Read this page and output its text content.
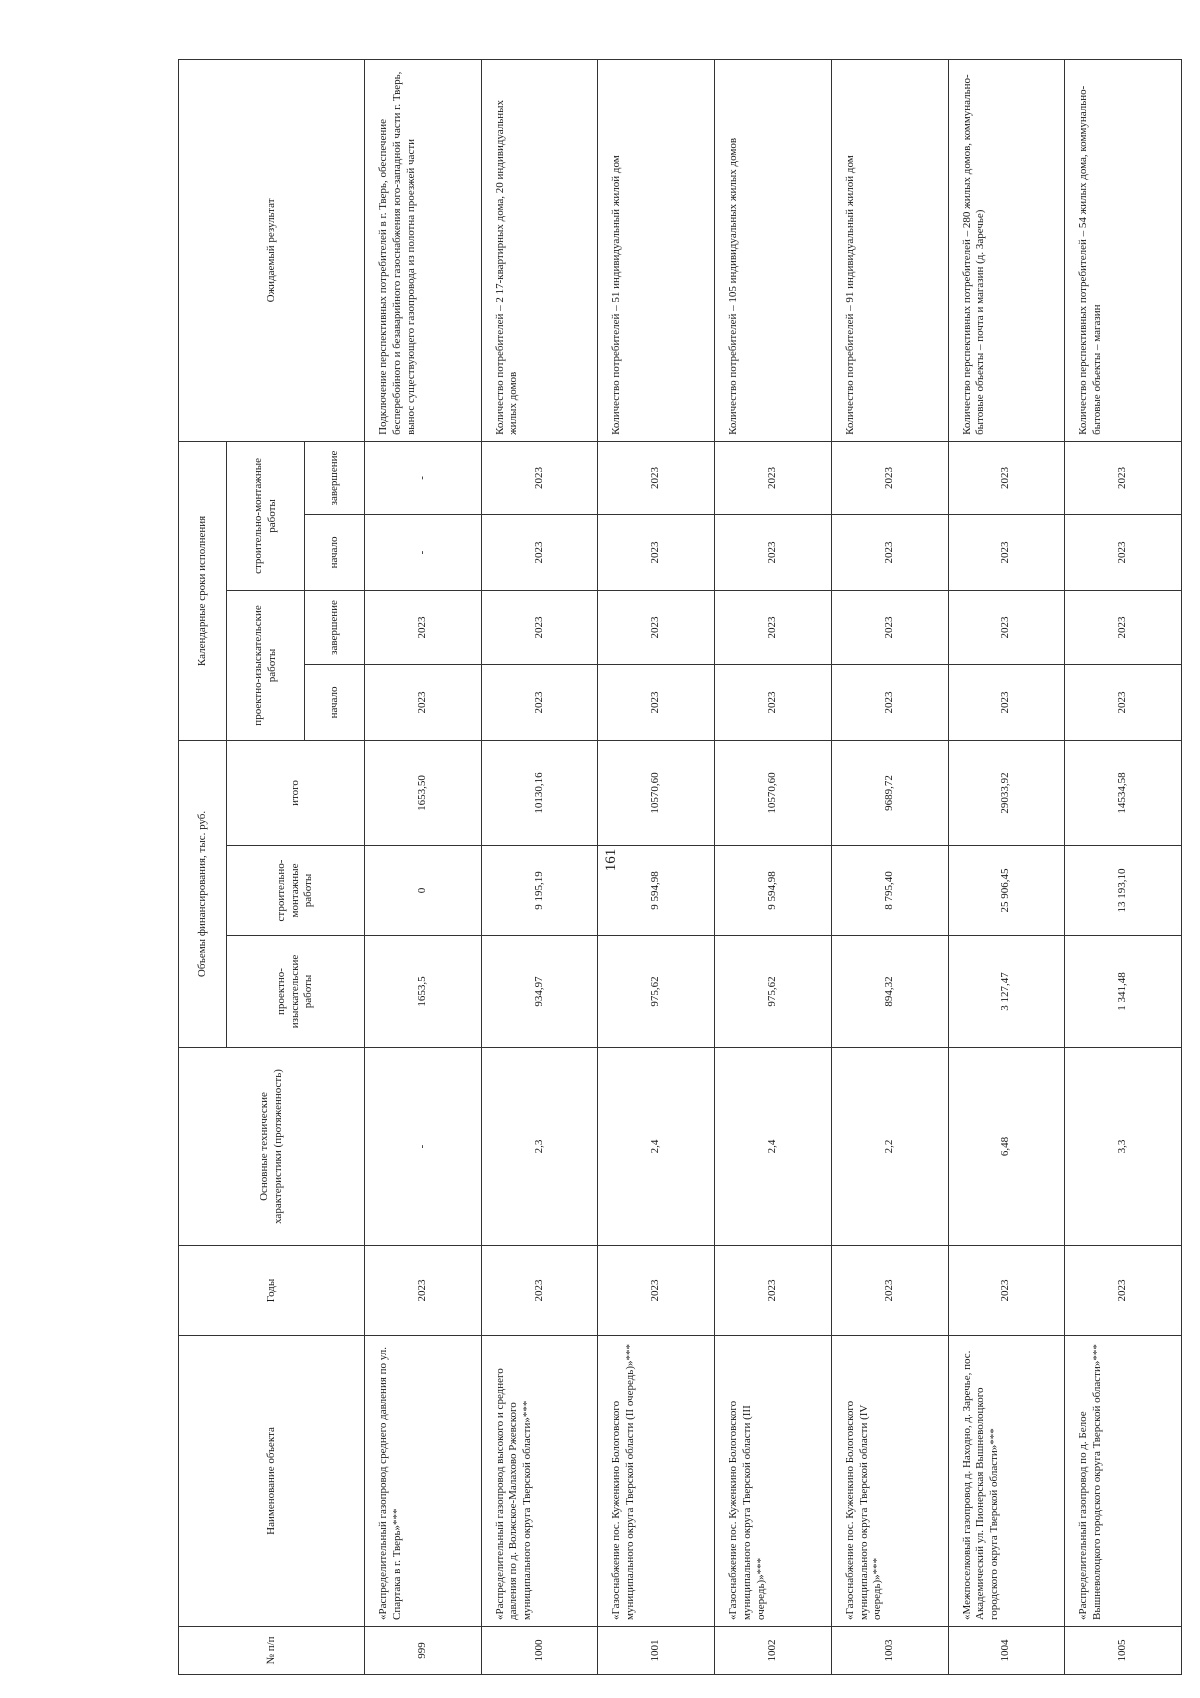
161
№ п/п	Наименование объекта	Годы	Основные технические характеристики (протяженность)	Объемы финансирования, тыс. руб.			Календарные сроки исполнения				Ожидаемый результат
				проектно-изыскательские работы	строительно-монтажные работы	итого	проектно-изыскательские работы		строительно-монтажные работы		
							начало	завершение	начало	завершение	
999	«Распределительный газопровод среднего давления по ул. Спартака в г. Тверь»***	2023	-	1653,5	0	1653,50	2023	2023	-	-	Подключение перспективных потребителей в г. Тверь, обеспечение бесперебойного и безаварийного газоснабжения юго-западной части г. Тверь, вынос существующего газопровода из полотна проезжей части
1000	«Распределительный газопровод высокого и среднего давления по д. Волжское-Малахово Ржевского муниципального округа Тверской области»***	2023	2,3	934,97	9 195,19	10130,16	2023	2023	2023	2023	Количество потребителей – 2 17-квартирных дома, 20 индивидуальных жилых домов
1001	«Газоснабжение пос. Куженкино Бологовского муниципального округа Тверской области (II очередь)»***	2023	2,4	975,62	9 594,98	10570,60	2023	2023	2023	2023	Количество потребителей – 51 индивидуальный жилой дом
1002	«Газоснабжение пос. Куженкино Бологовского муниципального округа Тверской области (III очередь)»***	2023	2,4	975,62	9 594,98	10570,60	2023	2023	2023	2023	Количество потребителей – 105 индивидуальных жилых домов
1003	«Газоснабжение пос. Куженкино Бологовского муниципального округа Тверской области (IV очередь)»***	2023	2,2	894,32	8 795,40	9689,72	2023	2023	2023	2023	Количество потребителей – 91 индивидуальный жилой дом
1004	«Межпоселковый газопровод д. Находно, д. Заречье, пос. Академический ул. Пионерская Вышневолоцкого городского округа Тверской области»***	2023	6,48	3 127,47	25 906,45	29033,92	2023	2023	2023	2023	Количество перспективных потребителей – 280 жилых домов, коммунально-бытовые объекты – почта и магазин (д. Заречье)
1005	«Распределительный газопровод по д. Белое Вышневолоцкого городского округа Тверской области»***	2023	3,3	1 341,48	13 193,10	14534,58	2023	2023	2023	2023	Количество перспективных потребителей – 54 жилых дома, коммунально-бытовые объекты – магазин
